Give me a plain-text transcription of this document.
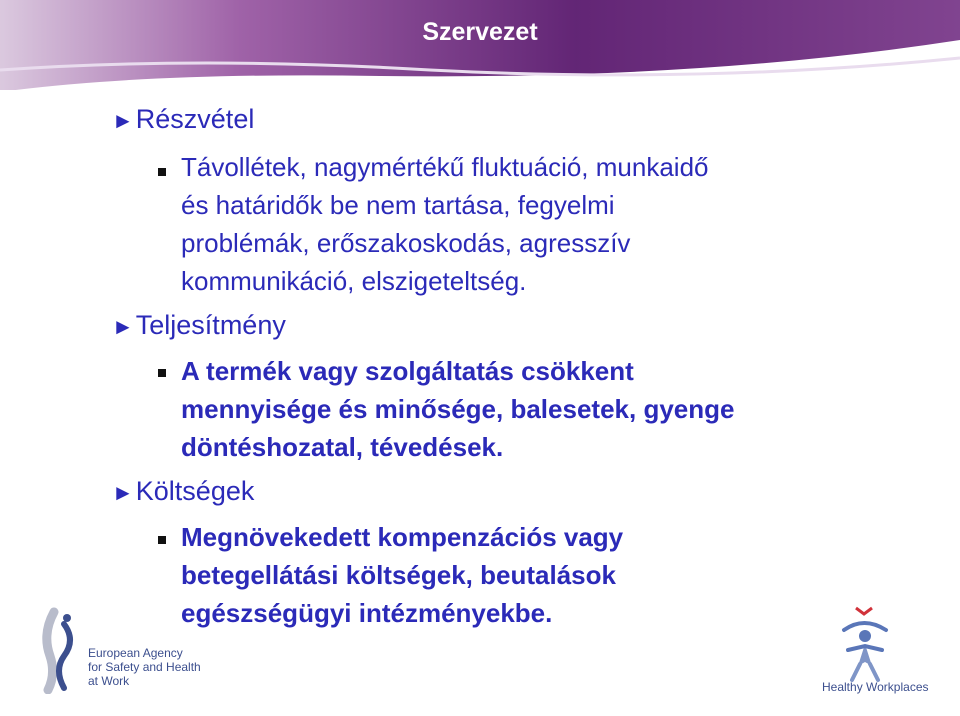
Szervezet
►Részvétel
Távollétek, nagymértékű fluktuáció, munkaidő
és határidők be nem tartása, fegyelmi
problémák, erőszakoskodás, agresszív
kommunikáció, elszigeteltség.
►Teljesítmény
A termék vagy szolgáltatás csökkent
mennyisége és minősége, balesetek, gyenge
döntéshozatal, tévedések.
►Költségek
Megnövekedett kompenzációs vagy
betegellátási költségek, beutalások
egészségügyi intézményekbe.
European Agency
for Safety and Health
at Work	Healthy Workplaces
